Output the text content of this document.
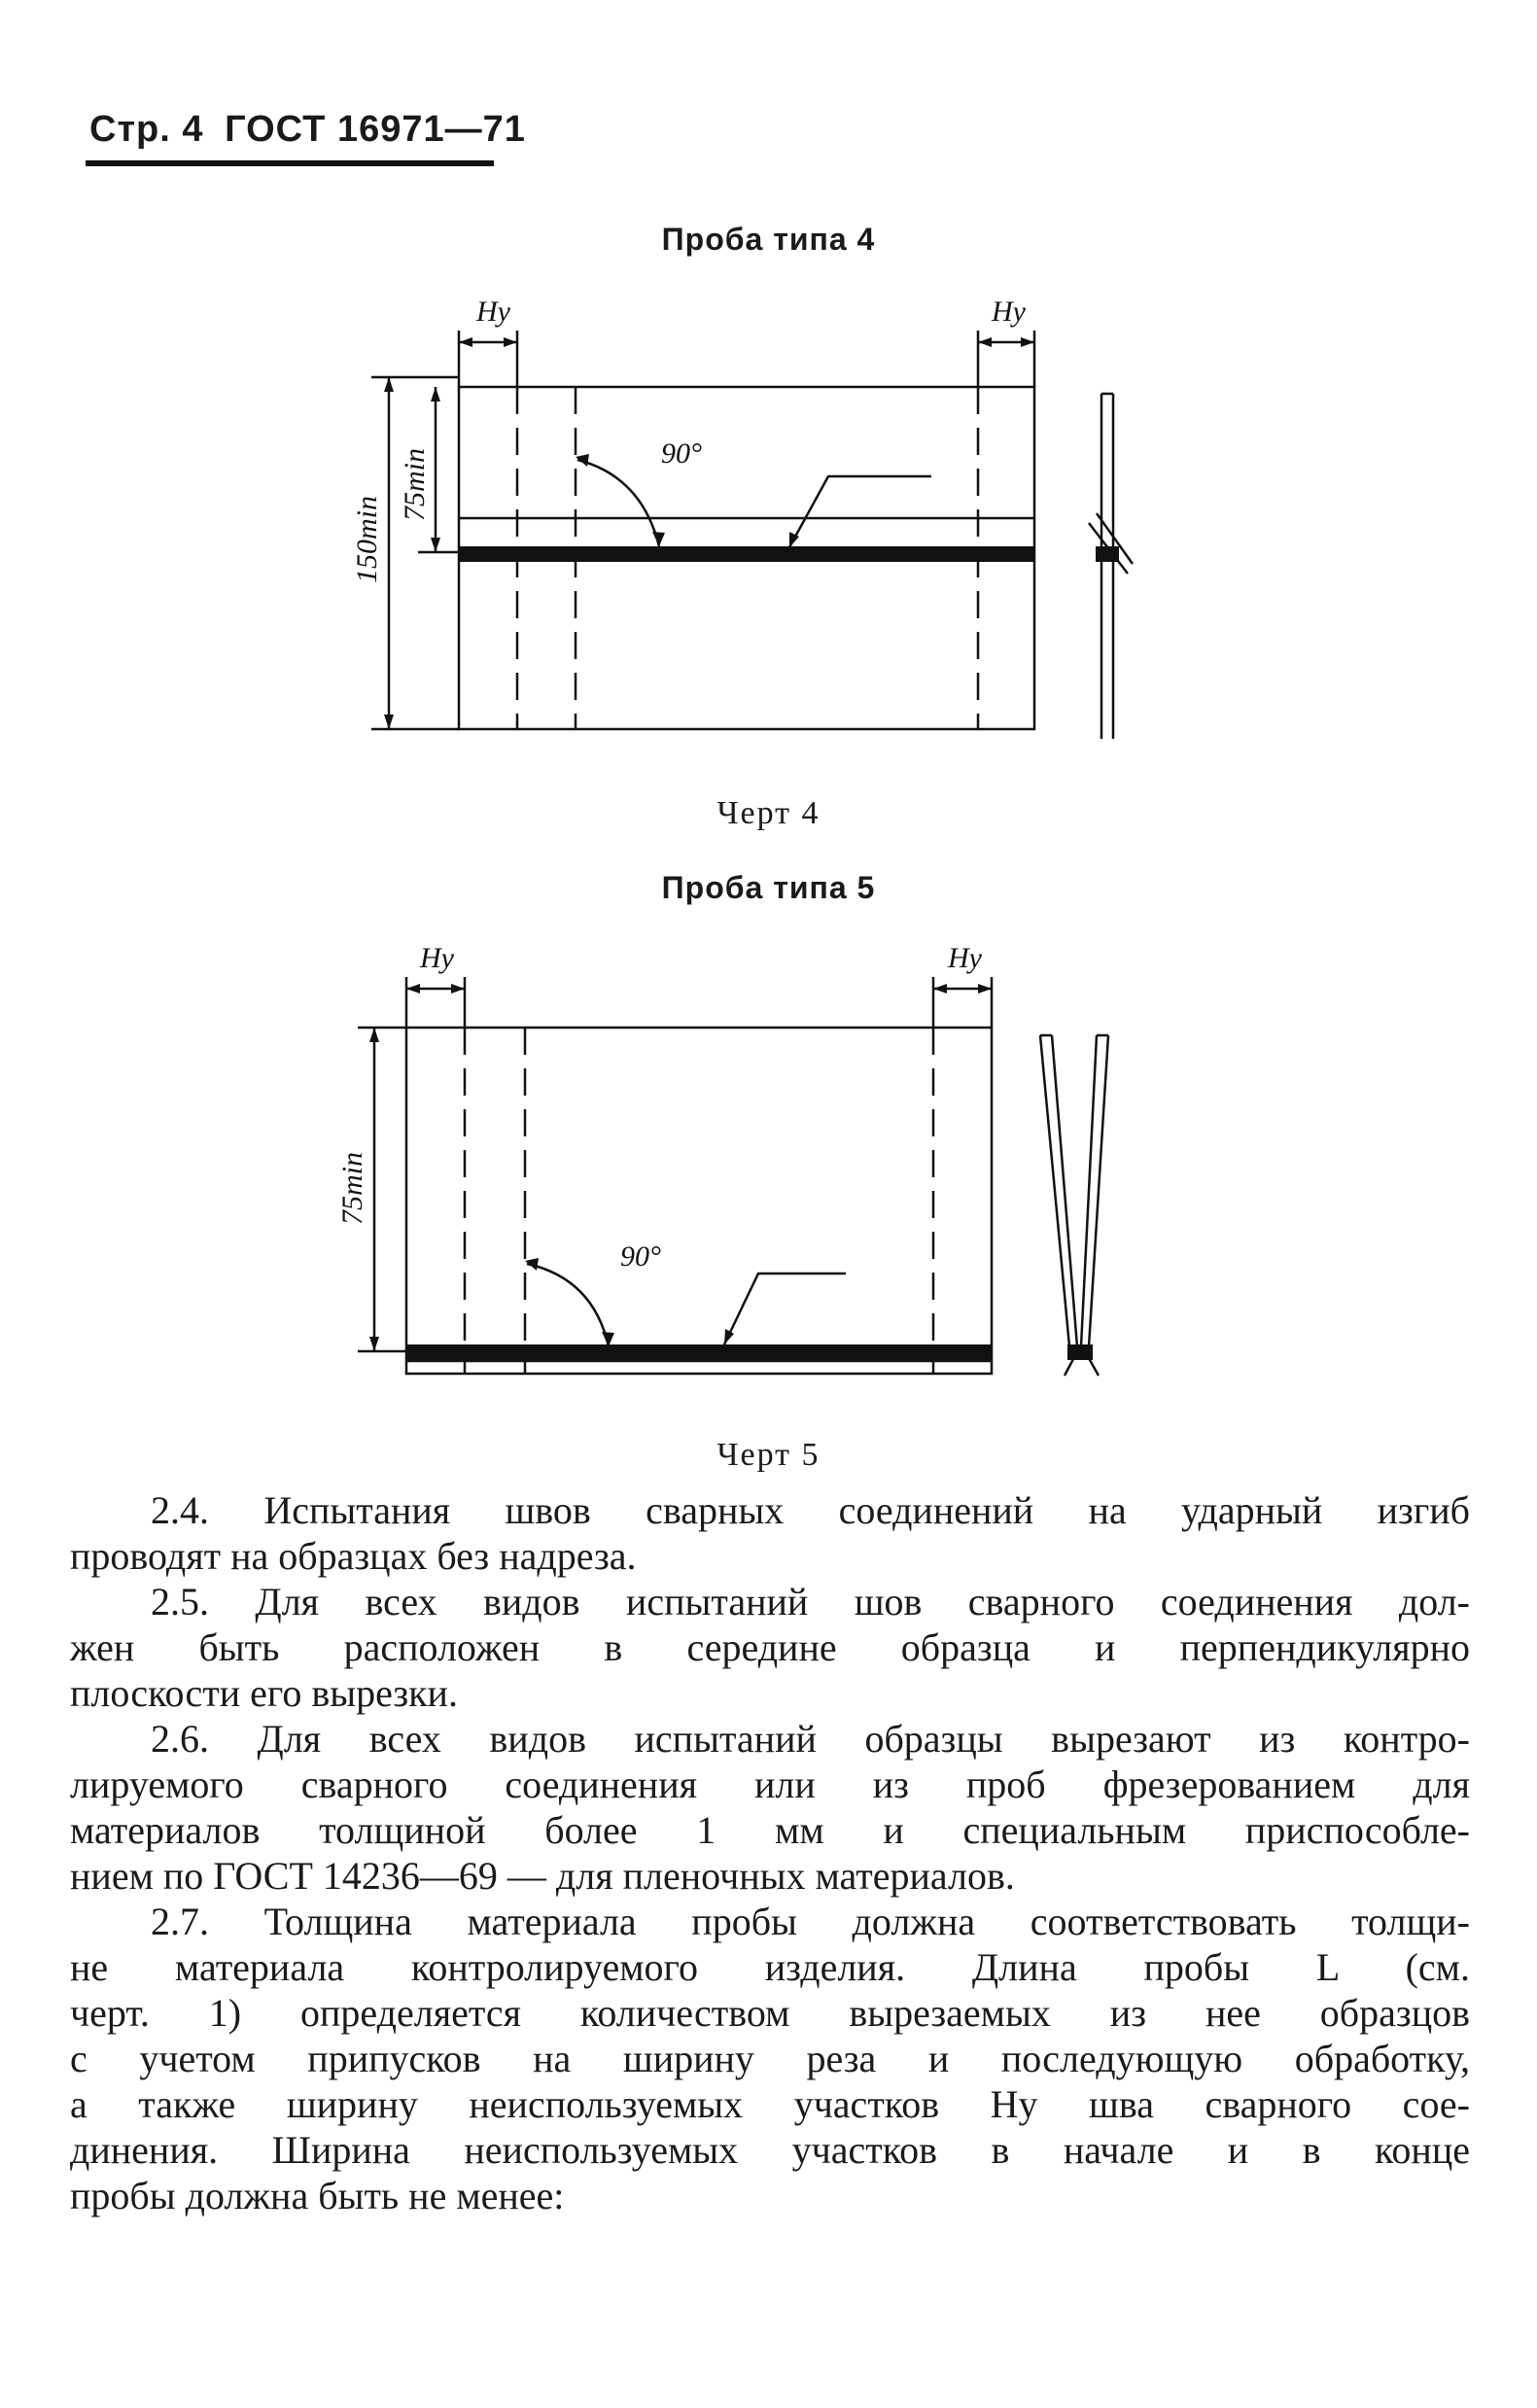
Стр. 4 ГОСТ 16971—71
Проба типа 4
Hу	Hу
150min
75min	90°
Черт 4
Проба типа 5
Hу	Hу
75min
90°
Черт 5
2.4. Испытания швов сварных соединений на ударный изгиб
проводят на образцах без надреза.
2.5. Для всех видов испытаний шов сварного соединения дол-
жен быть расположен в середине образца и перпендикулярно
плоскости его вырезки.
2.6. Для всех видов испытаний образцы вырезают из контро-
лируемого сварного соединения или из проб фрезерованием для
материалов толщиной более 1 мм и специальным приспособле-
нием по ГОСТ 14236—69 — для пленочных материалов.
2.7. Толщина материала пробы должна соответствовать толщи-
не материала контролируемого изделия. Длина пробы L (см.
черт. 1) определяется количеством вырезаемых из нее образцов
с учетом припусков на ширину реза и последующую обработку,
а также ширину неиспользуемых участков Hу шва сварного сое-
динения. Ширина неиспользуемых участков в начале и в конце
пробы должна быть не менее:
